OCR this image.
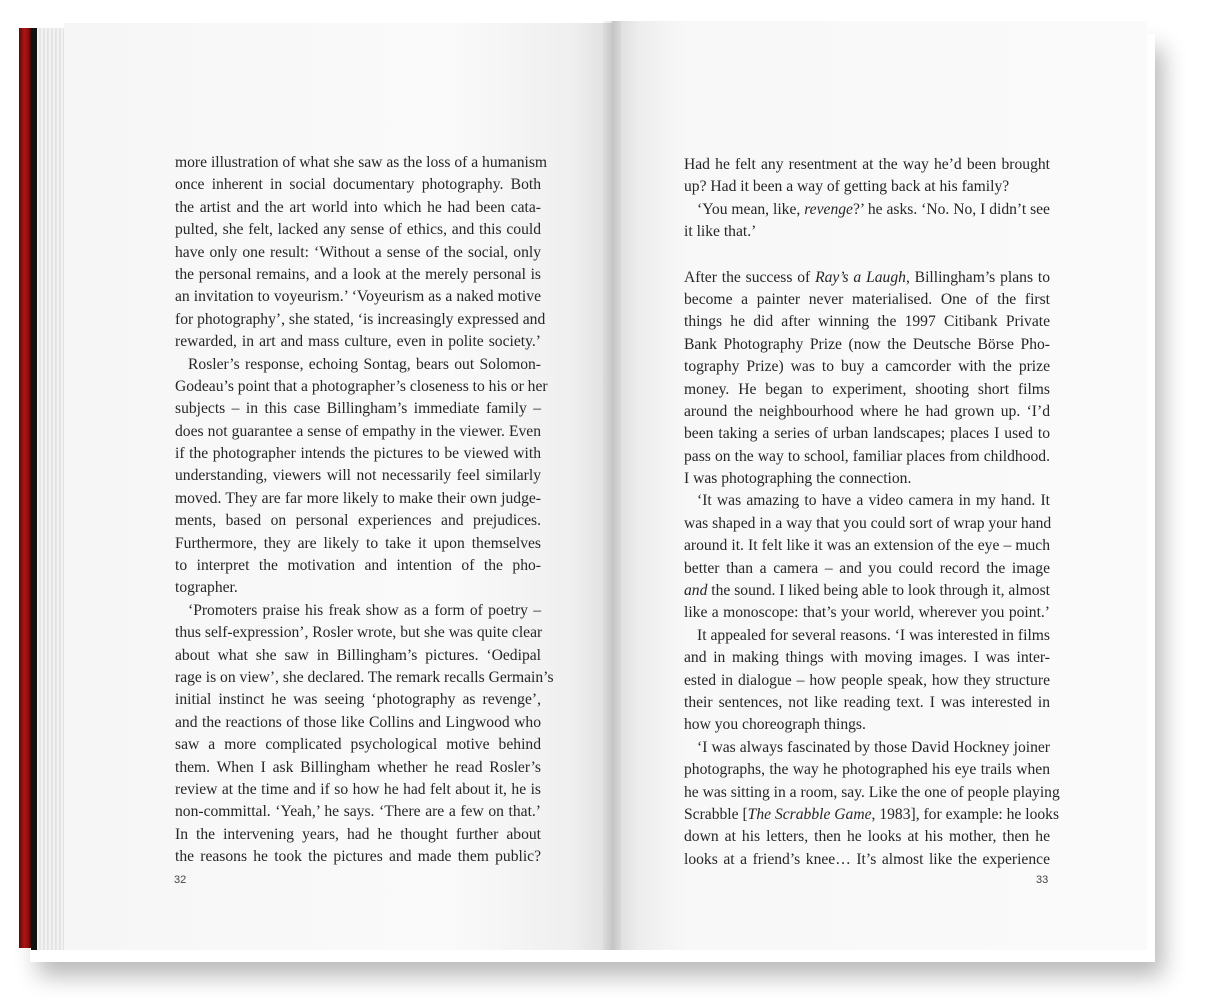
more illustration of what she saw as the loss of a humanism
once inherent in social documentary photography. Both
the artist and the art world into which he had been cata-
pulted, she felt, lacked any sense of ethics, and this could
have only one result: ‘Without a sense of the social, only
the personal remains, and a look at the merely personal is
an invitation to voyeurism.’ ‘Voyeurism as a naked motive
for photography’, she stated, ‘is increasingly expressed and
rewarded, in art and mass culture, even in polite society.’
Rosler’s response, echoing Sontag, bears out Solomon-
Godeau’s point that a photographer’s closeness to his or her
subjects – in this case Billingham’s immediate family –
does not guarantee a sense of empathy in the viewer. Even
if the photographer intends the pictures to be viewed with
understanding, viewers will not necessarily feel similarly
moved. They are far more likely to make their own judge-
ments, based on personal experiences and prejudices.
Furthermore, they are likely to take it upon themselves
to interpret the motivation and intention of the pho-
tographer.
‘Promoters praise his freak show as a form of poetry –
thus self-expression’, Rosler wrote, but she was quite clear
about what she saw in Billingham’s pictures. ‘Oedipal
rage is on view’, she declared. The remark recalls Germain’s
initial instinct he was seeing ‘photography as revenge’,
and the reactions of those like Collins and Lingwood who
saw a more complicated psychological motive behind
them. When I ask Billingham whether he read Rosler’s
review at the time and if so how he had felt about it, he is
non-committal. ‘Yeah,’ he says. ‘There are a few on that.’
In the intervening years, had he thought further about
the reasons he took the pictures and made them public?
Had he felt any resentment at the way he’d been brought
up? Had it been a way of getting back at his family?
‘You mean, like, revenge?’ he asks. ‘No. No, I didn’t see
it like that.’
After the success of Ray’s a Laugh, Billingham’s plans to
become a painter never materialised. One of the first
things he did after winning the 1997 Citibank Private
Bank Photography Prize (now the Deutsche Börse Pho-
tography Prize) was to buy a camcorder with the prize
money. He began to experiment, shooting short films
around the neighbourhood where he had grown up. ‘I’d
been taking a series of urban landscapes; places I used to
pass on the way to school, familiar places from childhood.
I was photographing the connection.
‘It was amazing to have a video camera in my hand. It
was shaped in a way that you could sort of wrap your hand
around it. It felt like it was an extension of the eye – much
better than a camera – and you could record the image
and the sound. I liked being able to look through it, almost
like a monoscope: that’s your world, wherever you point.’
It appealed for several reasons. ‘I was interested in films
and in making things with moving images. I was inter-
ested in dialogue – how people speak, how they structure
their sentences, not like reading text. I was interested in
how you choreograph things.
‘I was always fascinated by those David Hockney joiner
photographs, the way he photographed his eye trails when
he was sitting in a room, say. Like the one of people playing
Scrabble [The Scrabble Game, 1983], for example: he looks
down at his letters, then he looks at his mother, then he
looks at a friend’s knee… It’s almost like the experience
32	33
